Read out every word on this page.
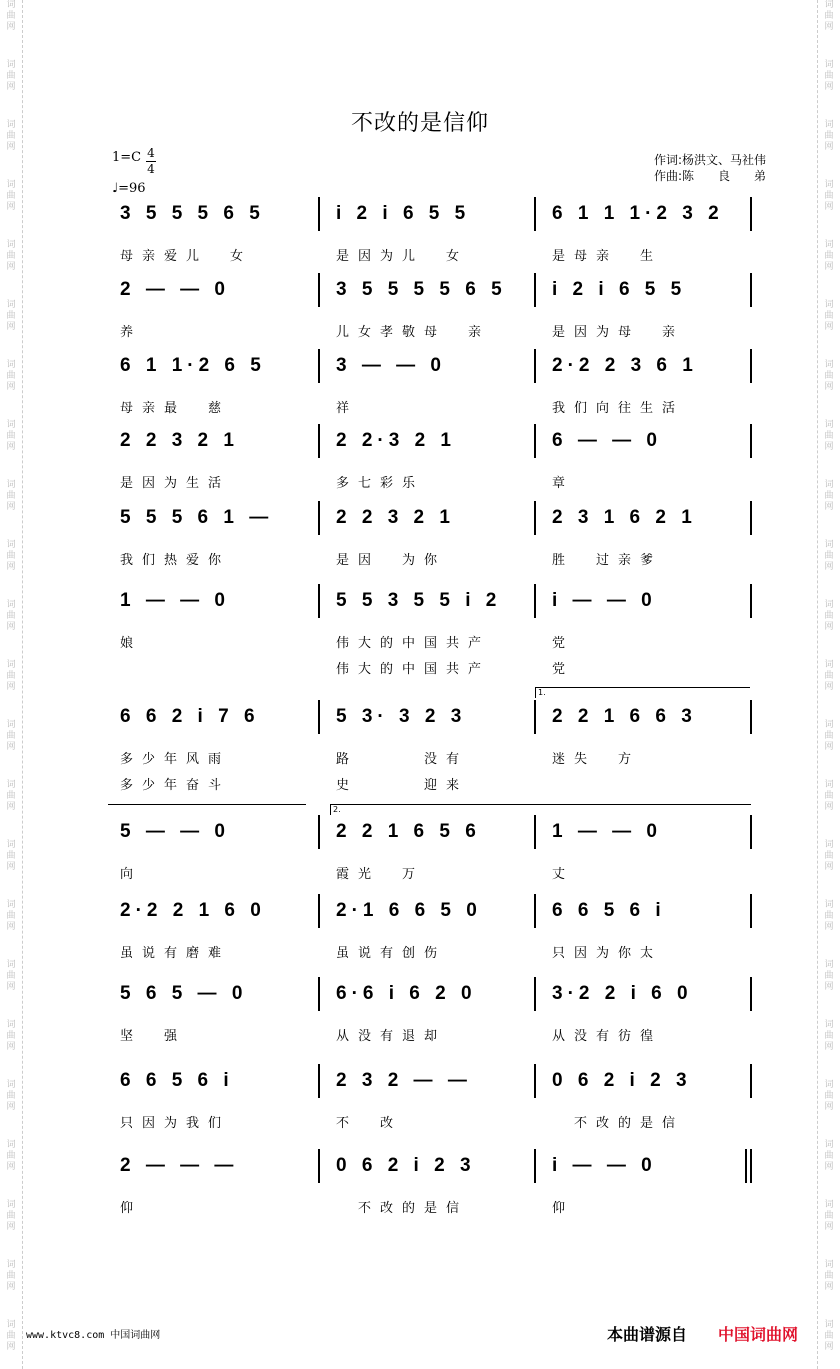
词
曲
网
词
曲
网
词
曲
网
词
曲
网
词
曲
网
词
曲
网
词
曲
网
词
曲
网
词
曲
网
词
曲
网
词
曲
网
词
曲
网
词
曲
网
词
曲
网
词
曲
网
词
曲
网
词
曲
网
词
曲
网
词
曲
网
词
曲
网
词
曲
网
词
曲
网
词
曲
网
词
曲
网
词
曲
网
词
曲
网
词
曲
网
词
曲
网
词
曲
网
词
曲
网
词
曲
网
词
曲
网
词
曲
网
词
曲
网
词
曲
网
词
曲
网
词
曲
网
词
曲
网
词
曲
网
词
曲
网
词
曲
网
词
曲
网
词
曲
网
词
曲
网
词
曲
网
词
曲
网
不改的是信仰
1=C 4
4
♩=96
作词:杨洪文、马社伟
作曲:陈　　良　　弟
3 5 5 5 6 5
母亲爱儿　女
i 2 i 6 5 5
是因为儿　女
6 1 1 1·2 3 2
是母亲　生
2 — — 0
养
3 5 5 5 5 6 5
儿女孝敬母　亲
i 2 i 6 5 5
是因为母　亲
6 1 1·2 6 5
母亲最　慈
3 — — 0
祥
2·2 2 3 6 1
我们向往生活
2 2 3 2 1
是因为生活
2 2·3 2 1
多七彩乐
6 — — 0
章
5 5 5 6 1 —
我们热爱你
2 2 3 2 1
是因　为你
2 3 1 6 2 1
胜　过亲爹
1 — — 0
娘
5 5 3 5 5 i 2
伟大的中国共产
伟大的中国共产
i — — 0
党
党
6 6 2 i 7 6
多少年风雨
多少年奋斗
5 3· 3 2 3
路　　　没有
史　　　迎来
2 2 1 6 6 3
迷失　方
5 — — 0
向
2 2 1 6 5 6
霞光　万
1 — — 0
丈
2·2 2 1 6 0
虽说有磨难
2·1 6 6 5 0
虽说有创伤
6 6 5 6 i
只因为你太
5 6 5 — 0
坚　强
6·6 i 6 2 0
从没有退却
3·2 2 i 6 0
从没有彷徨
6 6 5 6 i
只因为我们
2 3 2 — —
不　改
0 6 2 i 2 3
　不改的是信
2 — — —
仰
0 6 2 i 2 3
　不改的是信
i — — 0
仰
1.
2.
www.ktvc8.com 中国词曲网	本曲谱源自 中国词曲网
